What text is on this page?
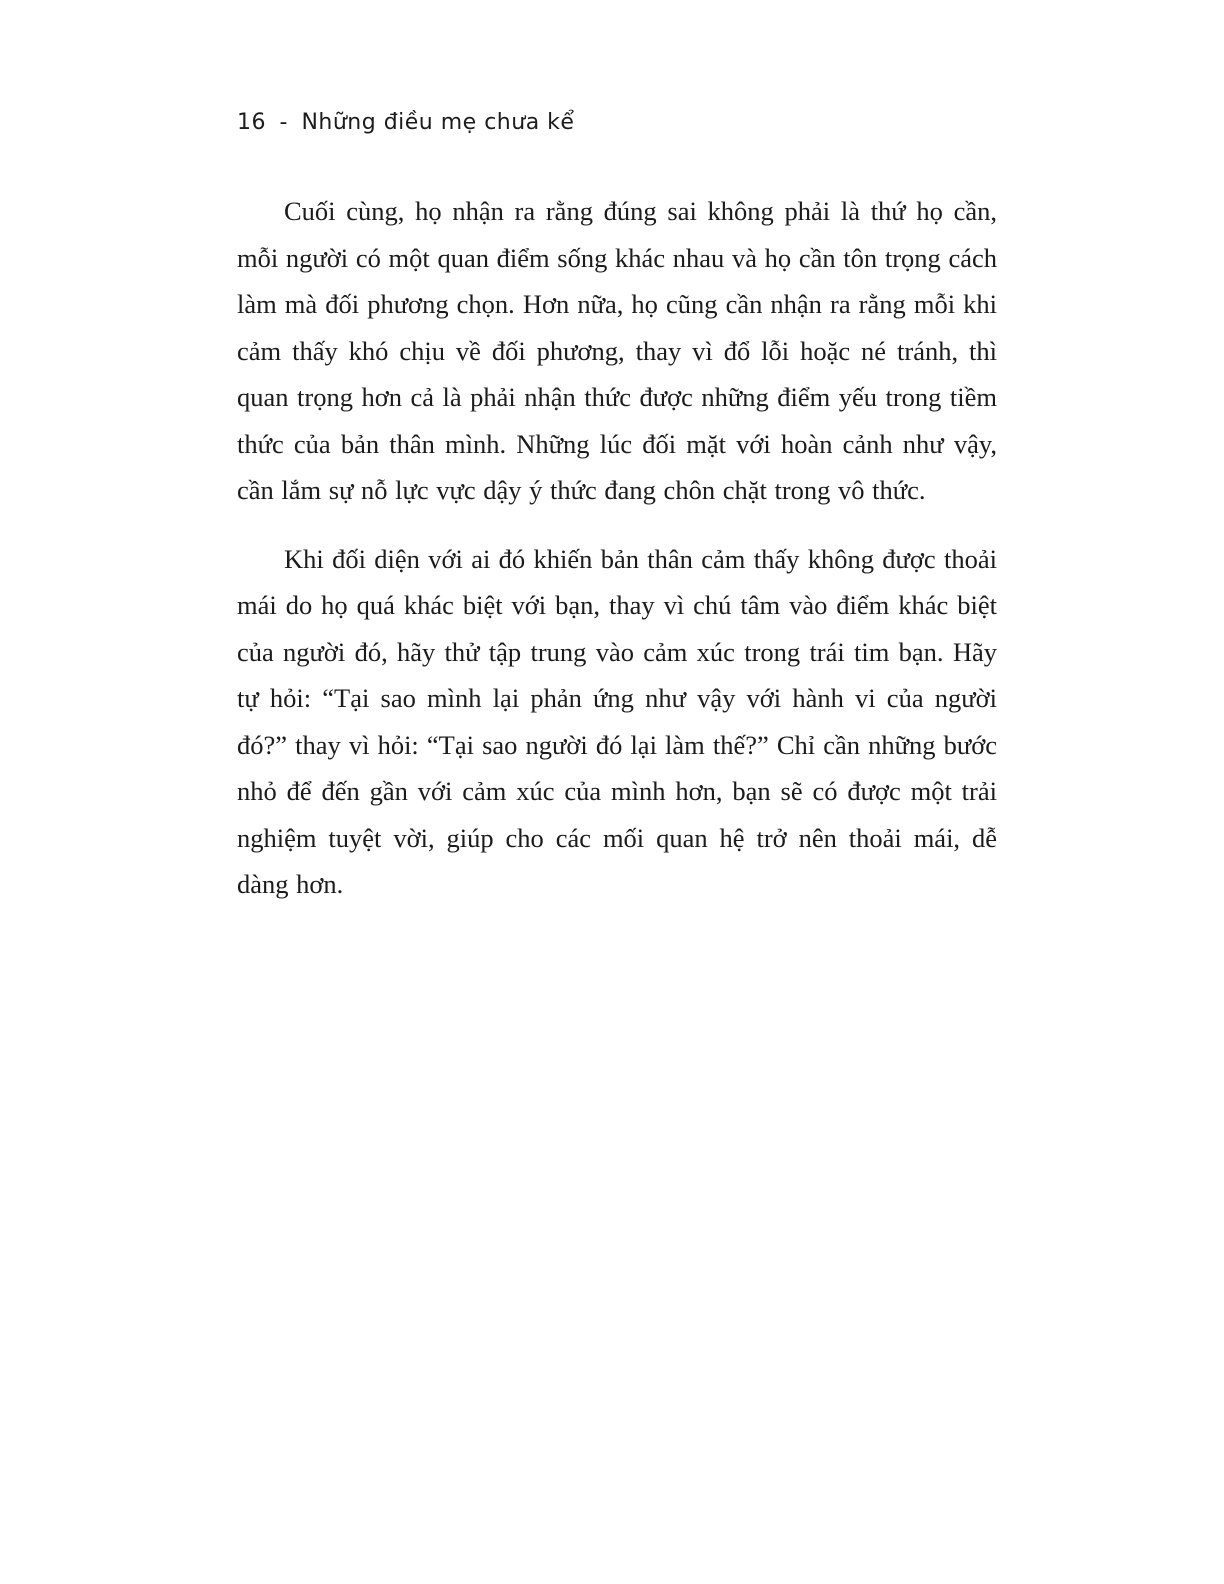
16 - Những điều mẹ chưa kể

Cuối cùng, họ nhận ra rằng đúng sai không phải là thứ họ cần, mỗi người có một quan điểm sống khác nhau và họ cần tôn trọng cách làm mà đối phương chọn. Hơn nữa, họ cũng cần nhận ra rằng mỗi khi cảm thấy khó chịu về đối phương, thay vì đổ lỗi hoặc né tránh, thì quan trọng hơn cả là phải nhận thức được những điểm yếu trong tiềm thức của bản thân mình. Những lúc đối mặt với hoàn cảnh như vậy, cần lắm sự nỗ lực vực dậy ý thức đang chôn chặt trong vô thức.

Khi đối diện với ai đó khiến bản thân cảm thấy không được thoải mái do họ quá khác biệt với bạn, thay vì chú tâm vào điểm khác biệt của người đó, hãy thử tập trung vào cảm xúc trong trái tim bạn. Hãy tự hỏi: “Tại sao mình lại phản ứng như vậy với hành vi của người đó?” thay vì hỏi: “Tại sao người đó lại làm thế?” Chỉ cần những bước nhỏ để đến gần với cảm xúc của mình hơn, bạn sẽ có được một trải nghiệm tuyệt vời, giúp cho các mối quan hệ trở nên thoải mái, dễ dàng hơn.
